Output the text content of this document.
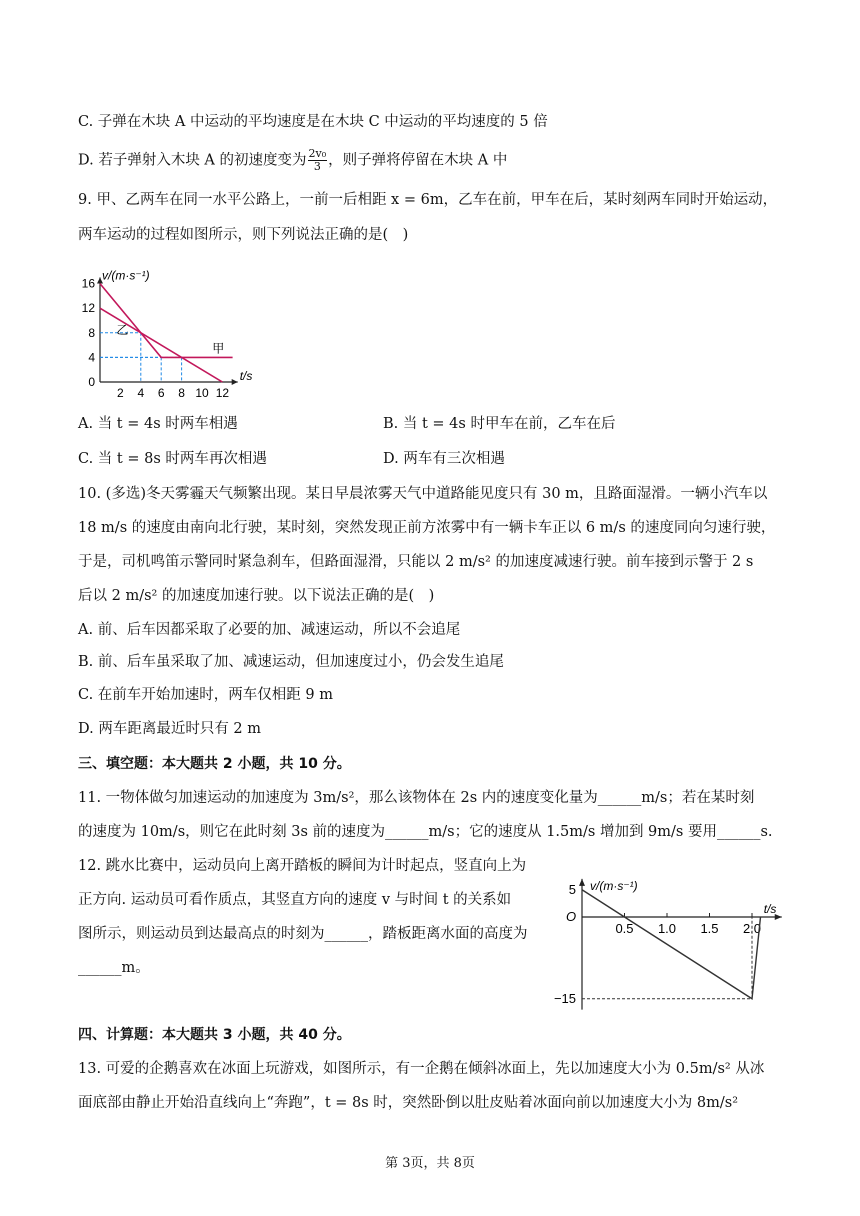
C. 子弹在木块 A 中运动的平均速度是在木块 C 中运动的平均速度的 5 倍
D. 若子弹射入木块 A 的初速度变为 $\frac{\text{2v₀}}{3}$ ，则子弹将停留在木块 A 中
9. 甲、乙两车在同一水平公路上，一前一后相距 x = 6m，乙车在前，甲车在后，某时刻两车同时开始运动，
两车运动的过程如图所示，则下列说法正确的是(　)
v/(m·s⁻¹)
t/s
2 4 6 8 10 12
0
4
8
12
16
甲
乙
A. 当 t = 4s 时两车相遇	B. 当 t = 4s 时甲车在前，乙车在后
C. 当 t = 8s 时两车再次相遇	D. 两车有三次相遇
10. (多选)冬天雾霾天气频繁出现。某日早晨浓雾天气中道路能见度只有 30 m，且路面湿滑。一辆小汽车以
18 m/s 的速度由南向北行驶，某时刻，突然发现正前方浓雾中有一辆卡车正以 6 m/s 的速度同向匀速行驶，
于是，司机鸣笛示警同时紧急刹车，但路面湿滑，只能以 2 m/s² 的加速度减速行驶。前车接到示警于 2 s
后以 2 m/s² 的加速度加速行驶。以下说法正确的是(　)
A. 前、后车因都采取了必要的加、减速运动，所以不会追尾
B. 前、后车虽采取了加、减速运动，但加速度过小，仍会发生追尾
C. 在前车开始加速时，两车仅相距 9 m
D. 两车距离最近时只有 2 m
三、填空题：本大题共 2 小题，共 10 分。
11. 一物体做匀加速运动的加速度为 3m/s²，那么该物体在 2s 内的速度变化量为______m/s；若在某时刻
的速度为 10m/s，则它在此时刻 3s 前的速度为______m/s；它的速度从 1.5m/s 增加到 9m/s 要用______s.
12. 跳水比赛中，运动员向上离开踏板的瞬间为计时起点，竖直向上为
正方向. 运动员可看作质点，其竖直方向的速度 v 与时间 t 的关系如
图所示，则运动员到达最高点的时刻为______，踏板距离水面的高度为
______m。
v/(m·s⁻¹)
t/s
O
0.5 1.0 1.5 2.0
5
−15
四、计算题：本大题共 3 小题，共 40 分。
13. 可爱的企鹅喜欢在冰面上玩游戏，如图所示，有一企鹅在倾斜冰面上，先以加速度大小为 0.5m/s² 从冰
面底部由静止开始沿直线向上“奔跑”，t = 8s 时，突然卧倒以肚皮贴着冰面向前以加速度大小为 8m/s²
第 3页，共 8页
